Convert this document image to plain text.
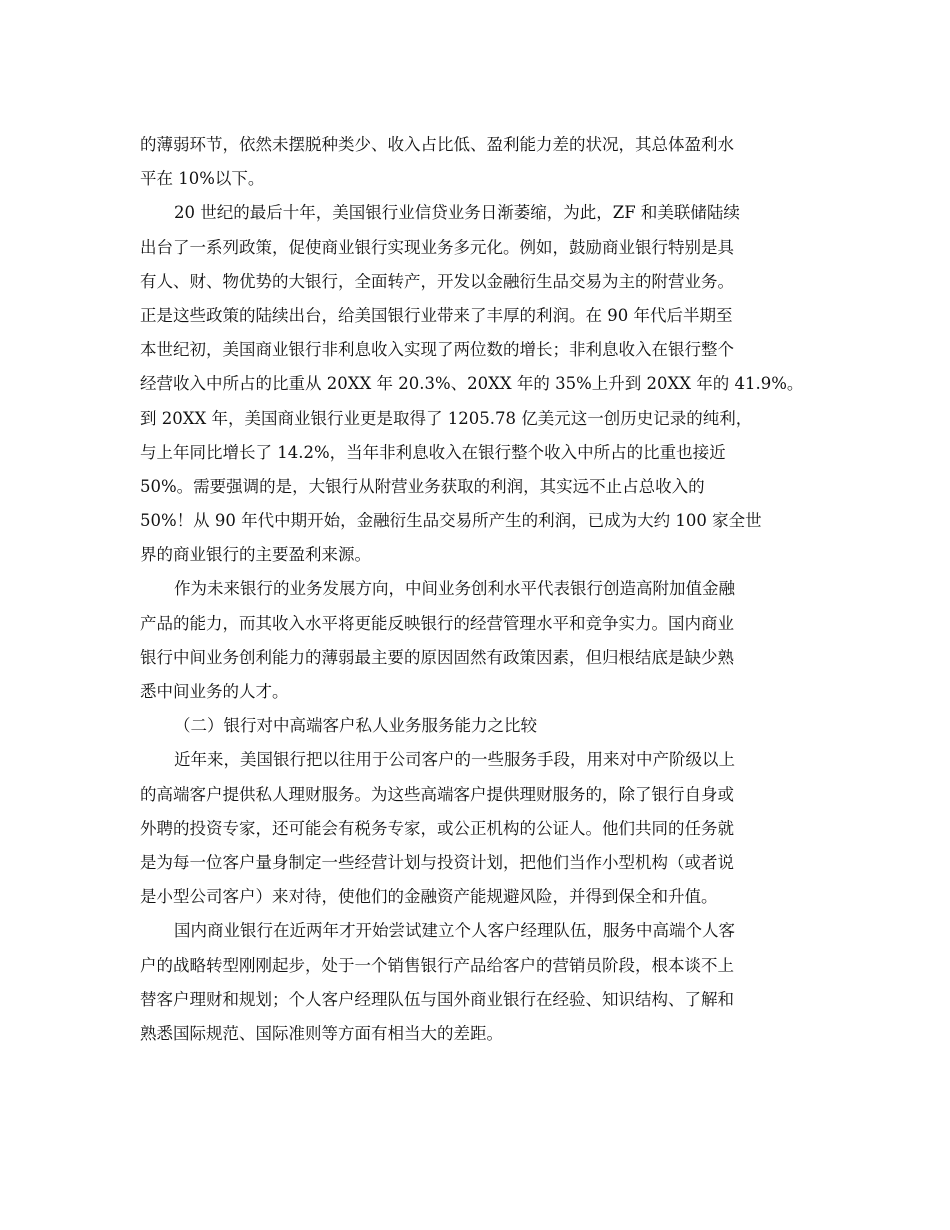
的薄弱环节，依然未摆脱种类少、收入占比低、盈利能力差的状况，其总体盈利水
平在 10%以下。
20 世纪的最后十年，美国银行业信贷业务日渐萎缩，为此，ZF 和美联储陆续
出台了一系列政策，促使商业银行实现业务多元化。例如，鼓励商业银行特别是具
有人、财、物优势的大银行，全面转产，开发以金融衍生品交易为主的附营业务。
正是这些政策的陆续出台，给美国银行业带来了丰厚的利润。在 90 年代后半期至
本世纪初，美国商业银行非利息收入实现了两位数的增长；非利息收入在银行整个
经营收入中所占的比重从 20XX 年 20.3%、20XX 年的 35%上升到 20XX 年的 41.9%。
到 20XX 年，美国商业银行业更是取得了 1205.78 亿美元这一创历史记录的纯利，
与上年同比增长了 14.2%，当年非利息收入在银行整个收入中所占的比重也接近
50%。需要强调的是，大银行从附营业务获取的利润，其实远不止占总收入的
50%！从 90 年代中期开始，金融衍生品交易所产生的利润，已成为大约 100 家全世
界的商业银行的主要盈利来源。
作为未来银行的业务发展方向，中间业务创利水平代表银行创造高附加值金融
产品的能力，而其收入水平将更能反映银行的经营管理水平和竞争实力。国内商业
银行中间业务创利能力的薄弱最主要的原因固然有政策因素，但归根结底是缺少熟
悉中间业务的人才。
（二）银行对中高端客户私人业务服务能力之比较
近年来，美国银行把以往用于公司客户的一些服务手段，用来对中产阶级以上
的高端客户提供私人理财服务。为这些高端客户提供理财服务的，除了银行自身或
外聘的投资专家，还可能会有税务专家，或公正机构的公证人。他们共同的任务就
是为每一位客户量身制定一些经营计划与投资计划，把他们当作小型机构（或者说
是小型公司客户）来对待，使他们的金融资产能规避风险，并得到保全和升值。
国内商业银行在近两年才开始尝试建立个人客户经理队伍，服务中高端个人客
户的战略转型刚刚起步，处于一个销售银行产品给客户的营销员阶段，根本谈不上
替客户理财和规划；个人客户经理队伍与国外商业银行在经验、知识结构、了解和
熟悉国际规范、国际准则等方面有相当大的差距。
